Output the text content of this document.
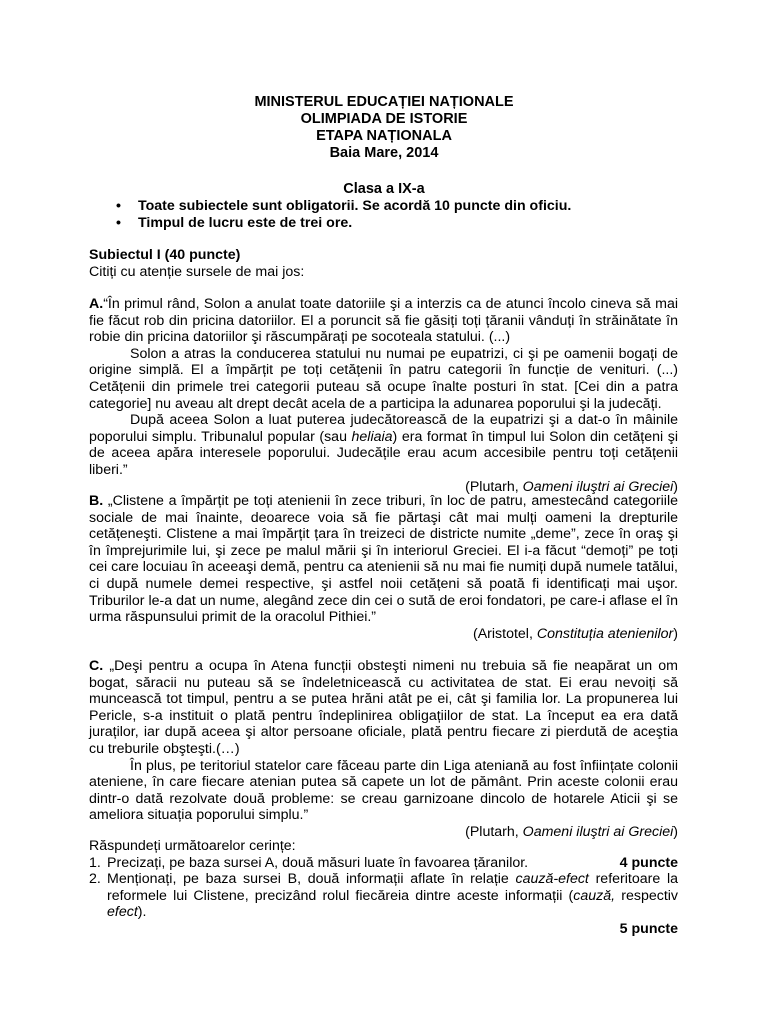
MINISTERUL EDUCAȚIEI NAȚIONALE
OLIMPIADA DE ISTORIE
ETAPA NAȚIONALA
Baia Mare, 2014
Clasa a IX-a
• Toate subiectele sunt obligatorii. Se acordă 10 puncte din oficiu.
• Timpul de lucru este de trei ore.
Subiectul I (40 puncte)
Citiți cu atenție sursele de mai jos:

A.“În primul rând, Solon a anulat toate datoriile şi a interzis ca de atunci încolo cineva să mai fie făcut rob din pricina datoriilor. El a poruncit să fie găsiți toți țăranii vânduți în străinătate în robie din pricina datoriilor şi răscumpărați pe socoteala statului. (...)

Solon a atras la conducerea statului nu numai pe eupatrizi, ci şi pe oamenii bogați de origine simplă. El a împărțit pe toți cetățenii în patru categorii în funcție de venituri. (...) Cetățenii din primele trei categorii puteau să ocupe înalte posturi în stat. [Cei din a patra categorie] nu aveau alt drept decât acela de a participa la adunarea poporului şi la judecăți.

După aceea Solon a luat puterea judecătorească de la eupatrizi şi a dat-o în mâinile poporului simplu. Tribunalul popular (sau heliaia) era format în timpul lui Solon din cetățeni şi de aceea apăra interesele poporului. Judecățile erau acum accesibile pentru toți cetățenii liberi.”

(Plutarh, Oameni iluştri ai Greciei)

B. „Clistene a împărțit pe toți atenienii în zece triburi, în loc de patru, amestecând categoriile sociale de mai înainte, deoarece voia să fie părtaşi cât mai mulți oameni la drepturile cetățeneşti. Clistene a mai împărțit țara în treizeci de districte numite „deme”, zece în oraş şi în împrejurimile lui, şi zece pe malul mării şi în interiorul Greciei. El i-a făcut “demoți” pe toți cei care locuiau în aceeaşi demă, pentru ca atenienii să nu mai fie numiți după numele tatălui, ci după numele demei respective, şi astfel noii cetățeni să poată fi identificați mai uşor. Triburilor le-a dat un nume, alegând zece din cei o sută de eroi fondatori, pe care-i aflase el în urma răspunsului primit de la oracolul Pithiei.”

(Aristotel, Constituția atenienilor)

C. „Deşi pentru a ocupa în Atena funcții obsteşti nimeni nu trebuia să fie neapărat un om bogat, săracii nu puteau să se îndeletnicească cu activitatea de stat. Ei erau nevoiți să muncească tot timpul, pentru a se putea hrăni atât pe ei, cât şi familia lor. La propunerea lui Pericle, s-a instituit o plată pentru îndeplinirea obligațiilor de stat. La început ea era dată juraților, iar după aceea şi altor persoane oficiale, plată pentru fiecare zi pierdută de aceştia cu treburile obşteşti.(…)

În plus, pe teritoriul statelor care făceau parte din Liga ateniană au fost înființate colonii ateniene, în care fiecare atenian putea să capete un lot de pământ. Prin aceste colonii erau dintr-o dată rezolvate două probleme: se creau garnizoane dincolo de hotarele Aticii şi se ameliora situația poporului simplu.”

(Plutarh, Oameni iluştri ai Greciei)

Răspundeți următoarelor cerințe:
1.	4 puncte
Precizați, pe baza sursei A, două măsuri luate în favoarea țăranilor.
2. Menționați, pe baza sursei B, două informații aflate în relație cauză-efect referitoare la reformele lui Clistene, precizând rolul fiecăreia dintre aceste informații (cauză, respectiv efect).
5 puncte
